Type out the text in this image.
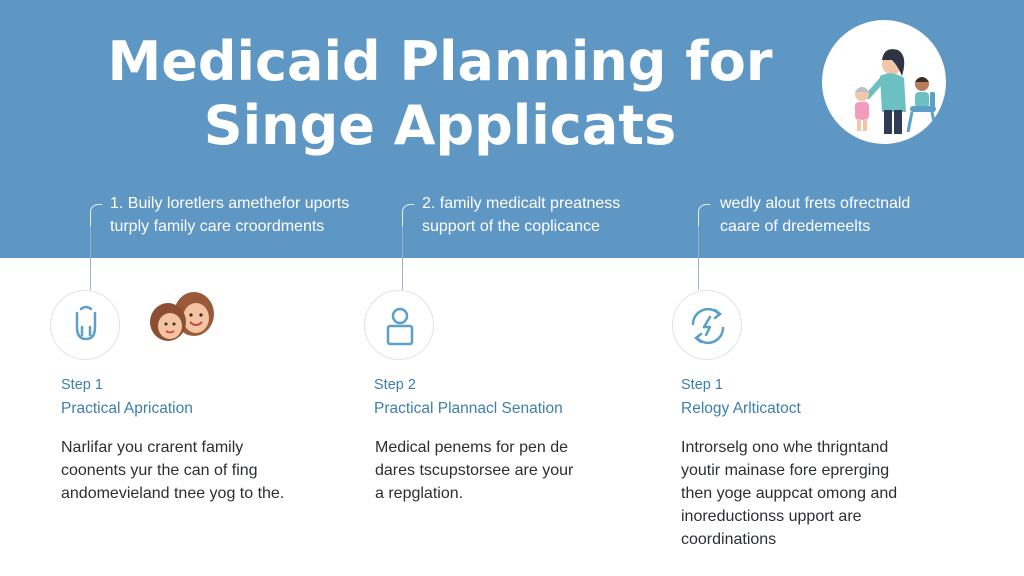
Medicaid Planning for
Singe Applicats
1. Buily loretlers amethefor uports
turply family care croordments
2. family medicalt preatness
support of the coplicance
wedly alout frets ofrectnald
caare of dredemeelts
Step 1
Practical Aprication
Narlifar you crarent family
coonents yur the can of fing
andomevieland tnee yog to the.
Step 2
Practical Plannacl Senation
Medical penems for pen de
dares tscupstorsee are your
a repglation.
Step 1
Relogy Arlticatoct
Introrselg ono whe thrigntand
youtir mainase fore eprerging
then yoge auppcat omong and
inoreductionss upport are
coordinations
